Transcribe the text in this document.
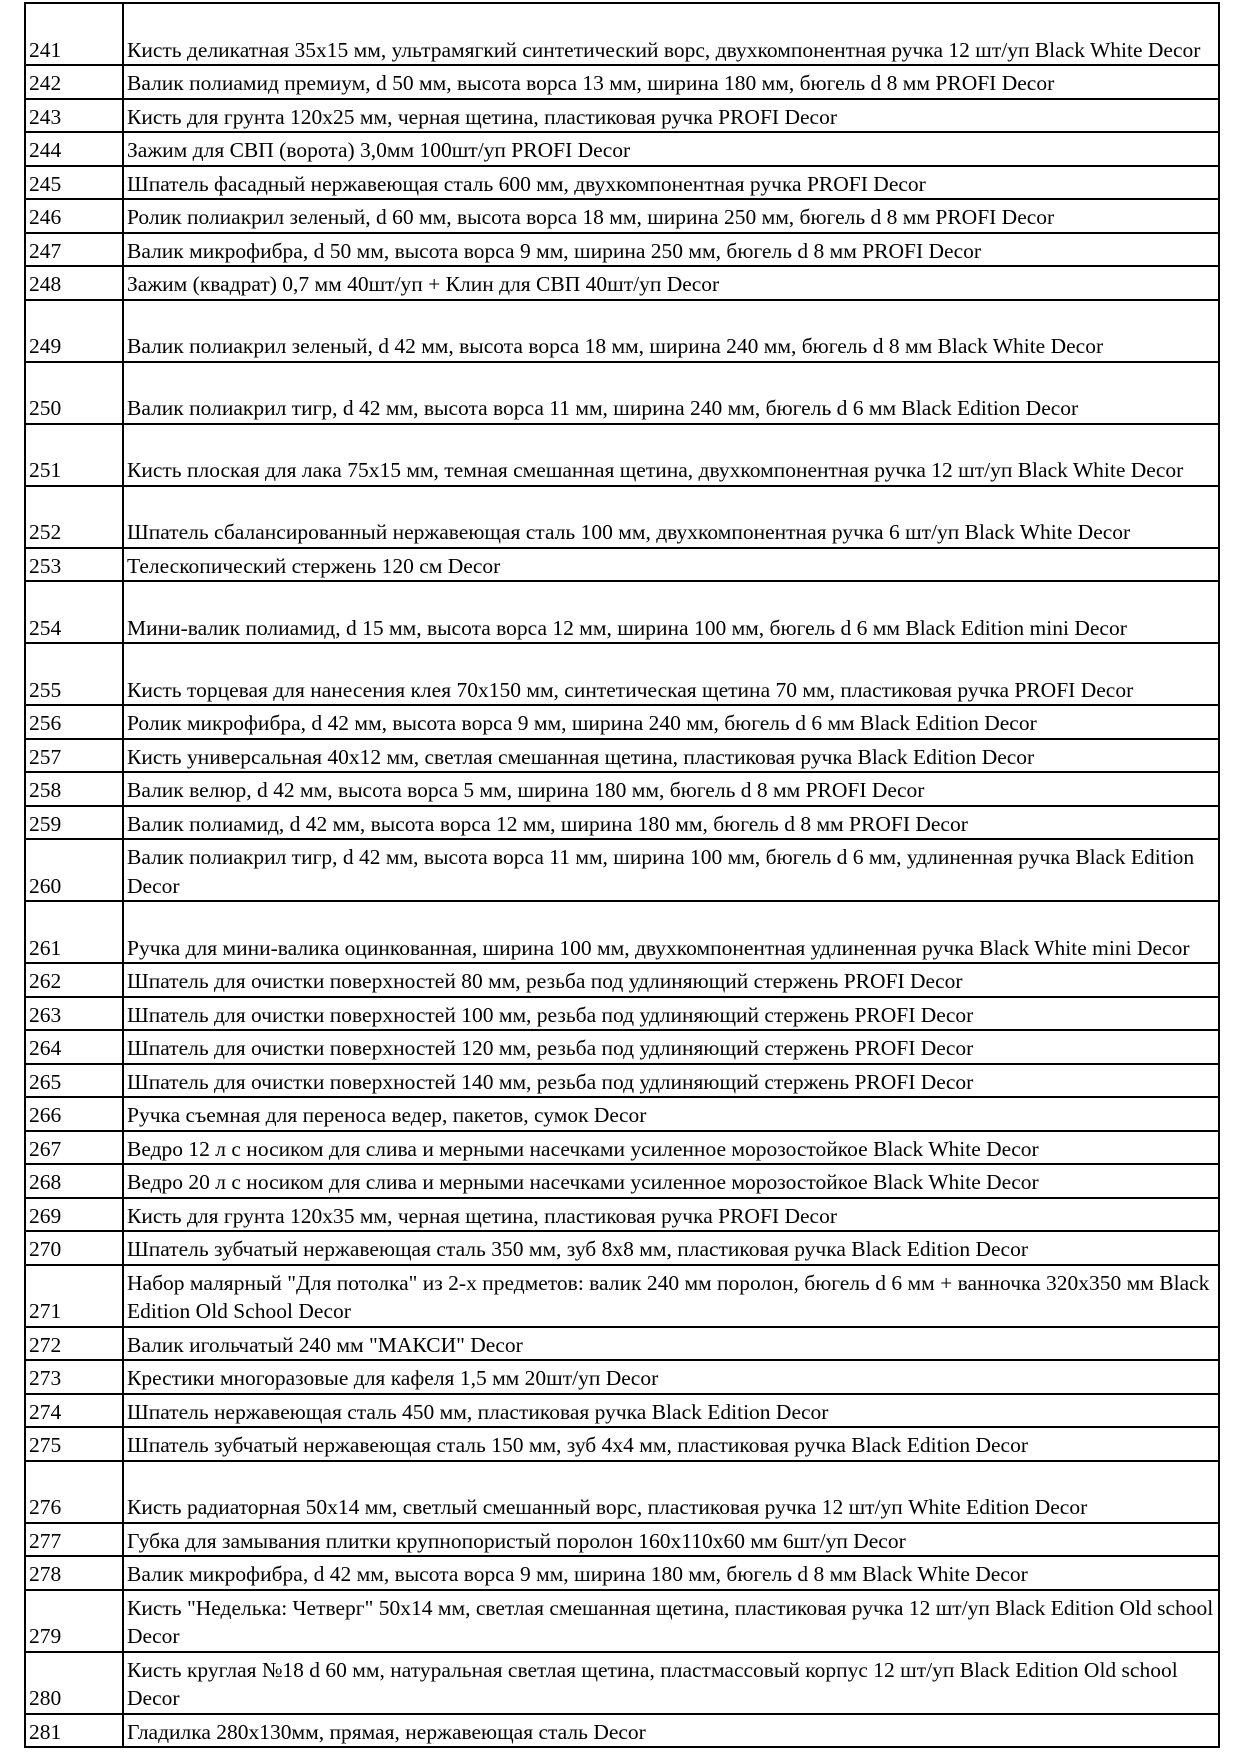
241	Кисть деликатная 35х15 мм, ультрамягкий синтетический ворс, двухкомпонентная ручка 12 шт/уп Black White Decor
242	Валик полиамид премиум, d 50 мм, высота ворса 13 мм, ширина 180 мм, бюгель d 8 мм PROFI Decor
243	Кисть для грунта 120х25 мм, черная щетина, пластиковая ручка PROFI Decor
244	Зажим для СВП (ворота) 3,0мм 100шт/уп PROFI Decor
245	Шпатель фасадный нержавеющая сталь 600 мм, двухкомпонентная ручка PROFI Decor
246	Ролик полиакрил зеленый, d 60 мм, высота ворса 18 мм, ширина 250 мм, бюгель d 8 мм PROFI Decor
247	Валик микрофибра, d 50 мм, высота ворса 9 мм, ширина 250 мм, бюгель d 8 мм PROFI Decor
248	Зажим (квадрат) 0,7 мм 40шт/уп + Клин для СВП 40шт/уп Decor
249	Валик полиакрил зеленый, d 42 мм, высота ворса 18 мм, ширина 240 мм, бюгель d 8 мм Black White Decor
250	Валик полиакрил тигр, d 42 мм, высота ворса 11 мм, ширина 240 мм, бюгель d 6 мм Black Edition Decor
251	Кисть плоская для лака 75х15 мм, темная смешанная щетина, двухкомпонентная ручка 12 шт/уп Black White Decor
252	Шпатель сбалансированный нержавеющая сталь 100 мм, двухкомпонентная ручка 6 шт/уп Black White Decor
253	Телескопический стержень 120 см Decor
254	Мини-валик полиамид, d 15 мм, высота ворса 12 мм, ширина 100 мм, бюгель d 6 мм Black Edition mini Decor
255	Кисть торцевая для нанесения клея 70х150 мм, синтетическая щетина 70 мм, пластиковая ручка PROFI Decor
256	Ролик микрофибра, d 42 мм, высота ворса 9 мм, ширина 240 мм, бюгель d 6 мм Black Edition Decor
257	Кисть универсальная 40х12 мм, светлая смешанная щетина, пластиковая ручка Black Edition Decor
258	Валик велюр, d 42 мм, высота ворса 5 мм, ширина 180 мм, бюгель d 8 мм PROFI Decor
259	Валик полиамид, d 42 мм, высота ворса 12 мм, ширина 180 мм, бюгель d 8 мм PROFI Decor
260	Валик полиакрил тигр, d 42 мм, высота ворса 11 мм, ширина 100 мм, бюгель d 6 мм, удлиненная ручка Black Edition Decor
261	Ручка для мини-валика оцинкованная, ширина 100 мм, двухкомпонентная удлиненная ручка Black White mini Decor
262	Шпатель для очистки поверхностей 80 мм, резьба под удлиняющий стержень PROFI Decor
263	Шпатель для очистки поверхностей 100 мм, резьба под удлиняющий стержень PROFI Decor
264	Шпатель для очистки поверхностей 120 мм, резьба под удлиняющий стержень PROFI Decor
265	Шпатель для очистки поверхностей 140 мм, резьба под удлиняющий стержень PROFI Decor
266	Ручка съемная для переноса ведер, пакетов, сумок Decor
267	Ведро 12 л с носиком для слива и мерными насечками усиленное морозостойкое Black White Decor
268	Ведро 20 л с носиком для слива и мерными насечками усиленное морозостойкое Black White Decor
269	Кисть для грунта 120х35 мм, черная щетина, пластиковая ручка PROFI Decor
270	Шпатель зубчатый нержавеющая сталь 350 мм, зуб 8х8 мм, пластиковая ручка Black Edition Decor
271	Набор малярный "Для потолка" из 2-х предметов: валик 240 мм поролон, бюгель d 6 мм + ванночка 320х350 мм Black Edition Old School Decor
272	Валик игольчатый 240 мм "МАКСИ" Decor
273	Крестики многоразовые для кафеля 1,5 мм 20шт/уп Decor
274	Шпатель нержавеющая сталь 450 мм, пластиковая ручка Black Edition Decor
275	Шпатель зубчатый нержавеющая сталь 150 мм, зуб 4х4 мм, пластиковая ручка Black Edition Decor
276	Кисть радиаторная 50х14 мм, светлый смешанный ворс, пластиковая ручка 12 шт/уп White Edition Decor
277	Губка для замывания плитки крупнопористый поролон 160х110х60 мм 6шт/уп Decor
278	Валик микрофибра, d 42 мм, высота ворса 9 мм, ширина 180 мм, бюгель d 8 мм Black White Decor
279	Кисть "Неделька: Четверг" 50х14 мм, светлая смешанная щетина, пластиковая ручка 12 шт/уп Black Edition Old school Decor
280	Кисть круглая №18 d 60 мм, натуральная светлая щетина, пластмассовый корпус 12 шт/уп Black Edition Old school Decor
281	Гладилка 280х130мм, прямая, нержавеющая сталь Decor
